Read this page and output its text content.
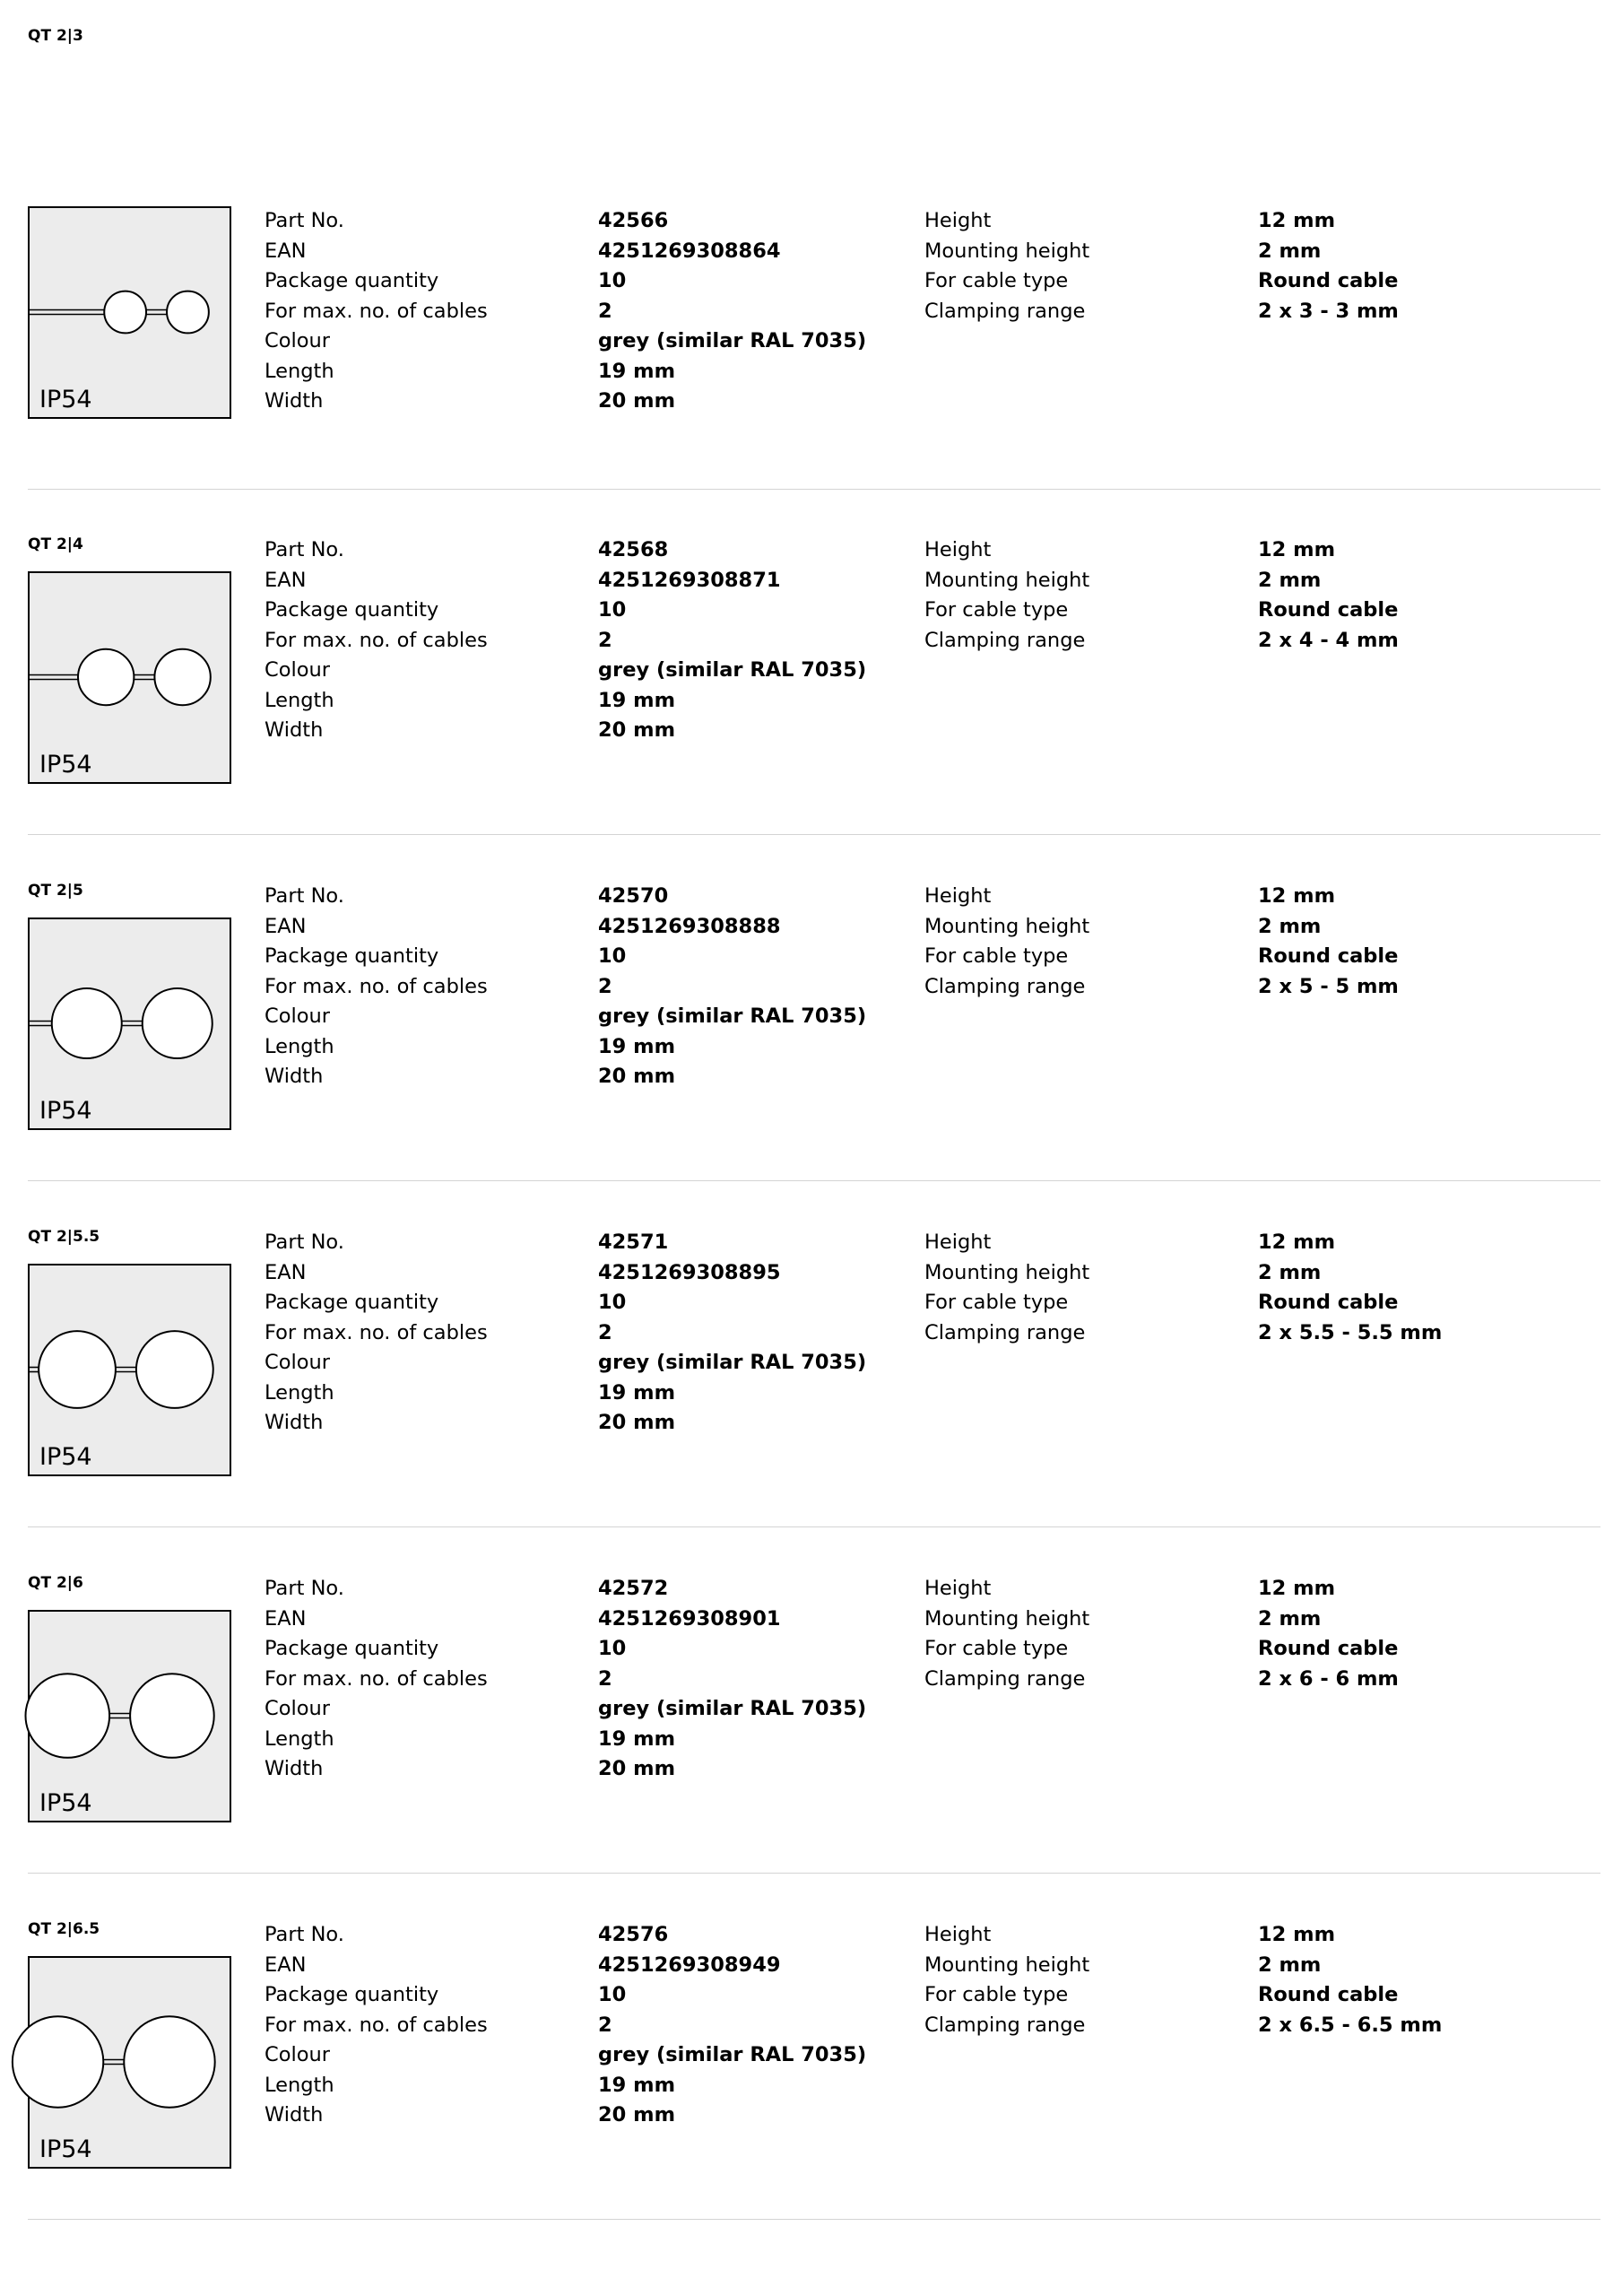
QT 2|3
IP54
Part No.
EAN
Package quantity
For max. no. of cables
Colour
Length
Width
42566
4251269308864
10
2
grey (similar RAL 7035)
19 mm
20 mm
Height
Mounting height
For cable type
Clamping range
12 mm
2 mm
Round cable
2 x 3 - 3 mm
QT 2|4
IP54
Part No.
EAN
Package quantity
For max. no. of cables
Colour
Length
Width
42568
4251269308871
10
2
grey (similar RAL 7035)
19 mm
20 mm
Height
Mounting height
For cable type
Clamping range
12 mm
2 mm
Round cable
2 x 4 - 4 mm
QT 2|5
IP54
Part No.
EAN
Package quantity
For max. no. of cables
Colour
Length
Width
42570
4251269308888
10
2
grey (similar RAL 7035)
19 mm
20 mm
Height
Mounting height
For cable type
Clamping range
12 mm
2 mm
Round cable
2 x 5 - 5 mm
QT 2|5.5
IP54
Part No.
EAN
Package quantity
For max. no. of cables
Colour
Length
Width
42571
4251269308895
10
2
grey (similar RAL 7035)
19 mm
20 mm
Height
Mounting height
For cable type
Clamping range
12 mm
2 mm
Round cable
2 x 5.5 - 5.5 mm
QT 2|6
IP54
Part No.
EAN
Package quantity
For max. no. of cables
Colour
Length
Width
42572
4251269308901
10
2
grey (similar RAL 7035)
19 mm
20 mm
Height
Mounting height
For cable type
Clamping range
12 mm
2 mm
Round cable
2 x 6 - 6 mm
QT 2|6.5
IP54
Part No.
EAN
Package quantity
For max. no. of cables
Colour
Length
Width
42576
4251269308949
10
2
grey (similar RAL 7035)
19 mm
20 mm
Height
Mounting height
For cable type
Clamping range
12 mm
2 mm
Round cable
2 x 6.5 - 6.5 mm
